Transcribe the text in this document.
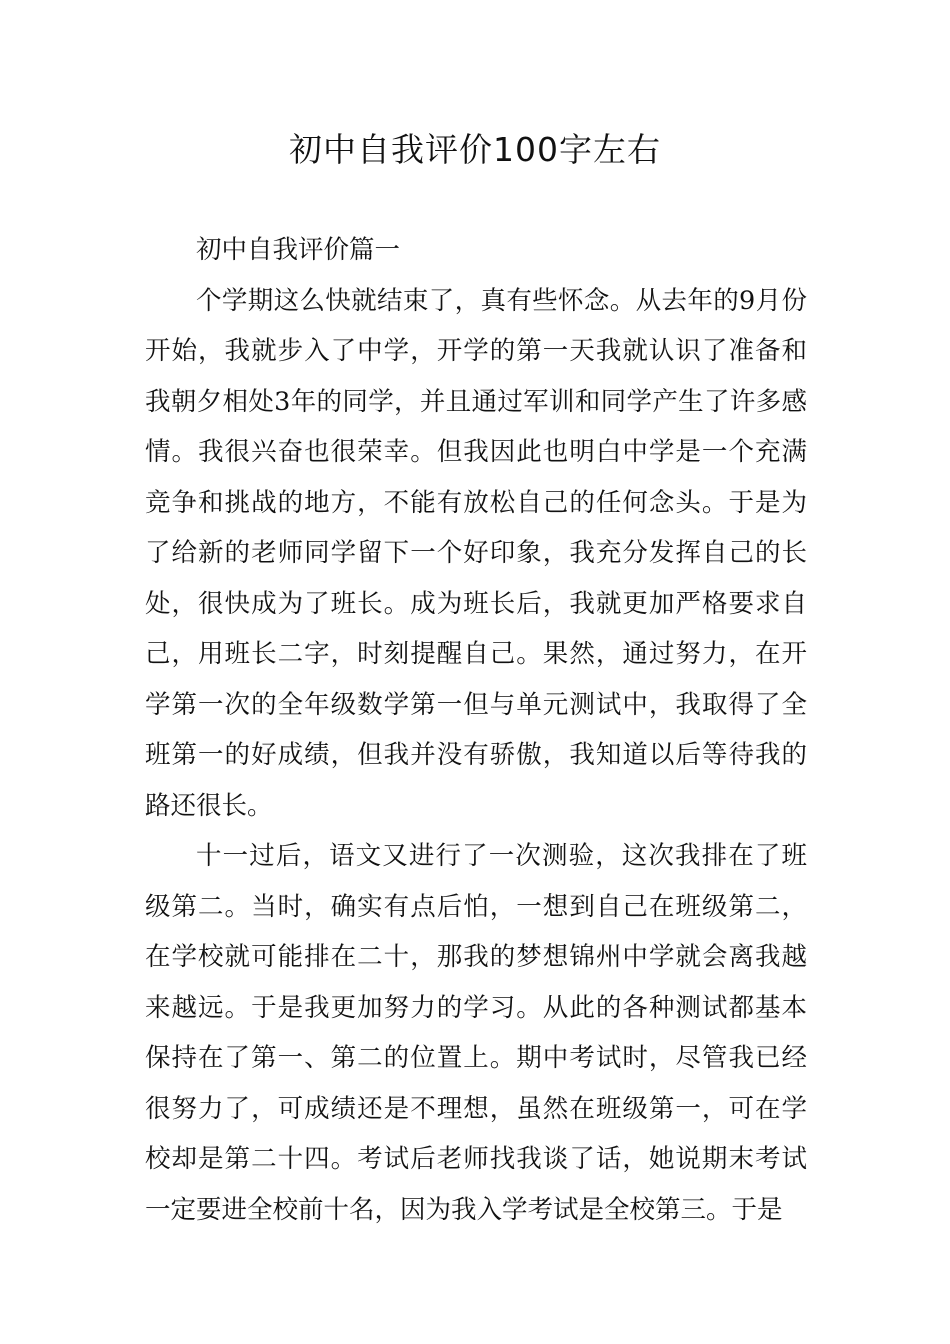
初中自我评价100字左右

初中自我评价篇一

个学期这么快就结束了，真有些怀念。从去年的9月份开始，我就步入了中学，开学的第一天我就认识了准备和我朝夕相处3年的同学，并且通过军训和同学产生了许多感情。我很兴奋也很荣幸。但我因此也明白中学是一个充满竞争和挑战的地方，不能有放松自己的任何念头。于是为了给新的老师同学留下一个好印象，我充分发挥自己的长处，很快成为了班长。成为班长后，我就更加严格要求自己，用班长二字，时刻提醒自己。果然，通过努力，在开学第一次的全年级数学第一但与单元测试中，我取得了全班第一的好成绩，但我并没有骄傲，我知道以后等待我的路还很长。

十一过后，语文又进行了一次测验，这次我排在了班级第二。当时，确实有点后怕，一想到自己在班级第二，在学校就可能排在二十，那我的梦想锦州中学就会离我越来越远。于是我更加努力的学习。从此的各种测试都基本保持在了第一、第二的位置上。期中考试时，尽管我已经很努力了，可成绩还是不理想，虽然在班级第一，可在学校却是第二十四。考试后老师找我谈了话，她说期末考试一定要进全校前十名，因为我入学考试是全校第三。于是
